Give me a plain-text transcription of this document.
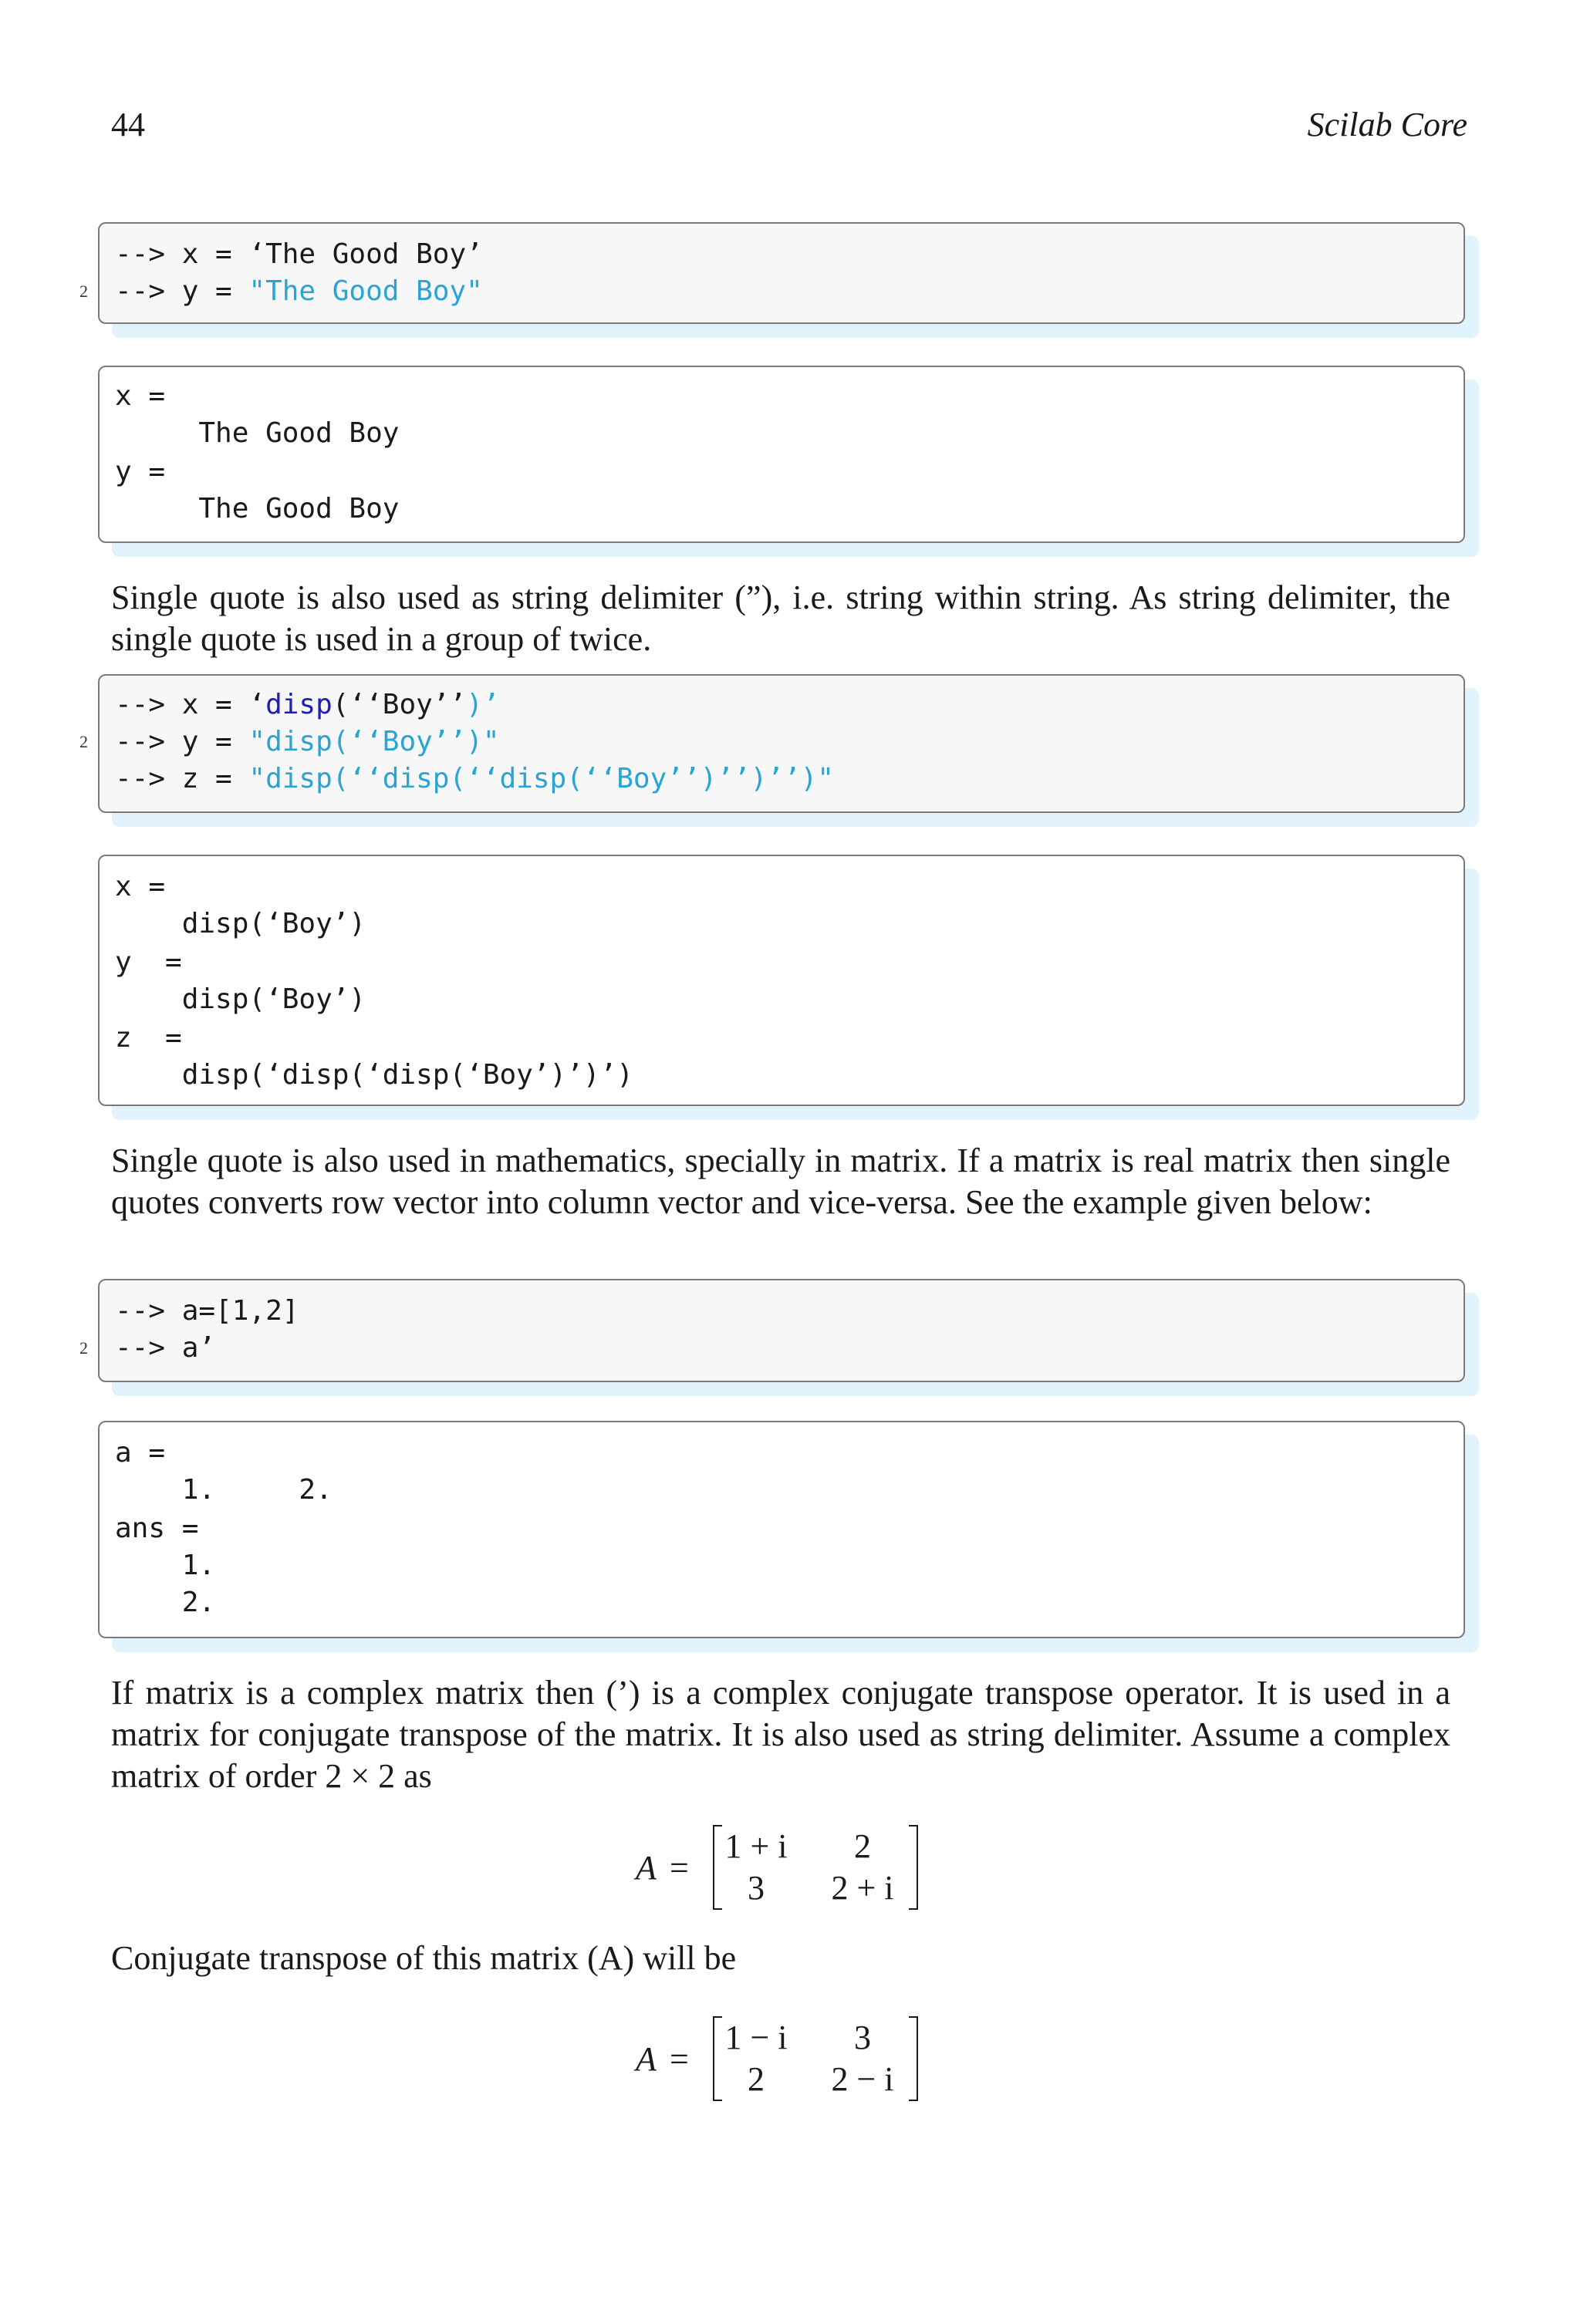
44	Scilab Core
--> x = ‘The Good Boy’
--> y = "The Good Boy"
2
x =
The Good Boy
y =
The Good Boy
Single quote is also used as string delimiter (”), i.e. string within string. As string delimiter, the single quote is used in a group of twice.
--> x = ‘disp(‘‘Boy’’)’
--> y = "disp(‘‘Boy’’)"
--> z = "disp(‘‘disp(‘‘disp(‘‘Boy’’)’’)’’)"
2
x =
disp(‘Boy’)
y  =
disp(‘Boy’)
z  =
disp(‘disp(‘disp(‘Boy’)’)’)
Single quote is also used in mathematics, specially in matrix. If a matrix is real matrix then single quotes converts row vector into column vector and vice-versa. See the example given below:
--> a=[1,2]
--> a’
2
a =
1.     2.
ans =
1.
2.
If matrix is a complex matrix then (’) is a complex conjugate transpose operator. It is used in a matrix for conjugate transpose of the matrix. It is also used as string delimiter. Assume a complex matrix of order 2 × 2 as
A =
1 + i	2
3	2 + i
Conjugate transpose of this matrix (A) will be
A =
1 − i	3
2	2 − i
